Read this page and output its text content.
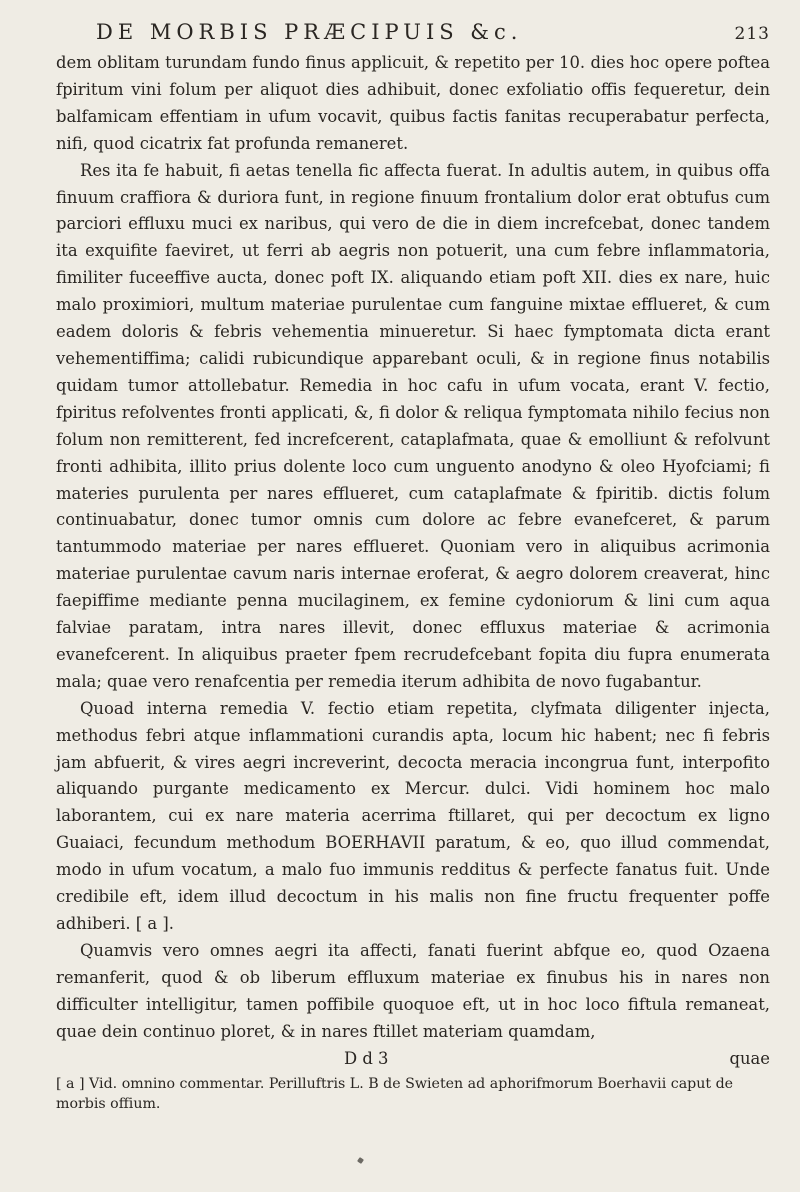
DE MORBIS PRÆCIPUIS &c.	213

dem oblitam turundam fundo finus applicuit, & repetito per 10. dies hoc opere poftea fpiritum vini folum per aliquot dies adhibuit, donec exfoliatio offis fequeretur, dein balfamicam effentiam in ufum vocavit, quibus factis fanitas recuperabatur perfecta, nifi, quod cicatrix fat profunda remaneret.

Res ita fe habuit, fi aetas tenella fic affecta fuerat. In adultis autem, in quibus offa finuum craffiora & duriora funt, in regione finuum frontalium dolor erat obtufus cum parciori effluxu muci ex naribus, qui vero de die in diem increfcebat, donec tandem ita exquifite faeviret, ut ferri ab aegris non potuerit, una cum febre inflammatoria, fimiliter fuceeffive aucta, donec poft IX. aliquando etiam poft XII. dies ex nare, huic malo proximiori, multum materiae purulentae cum fanguine mixtae efflueret, & cum eadem doloris & febris vehementia minueretur. Si haec fymptomata dicta erant vehementiffima; calidi rubicundique apparebant oculi, & in regione finus notabilis quidam tumor attollebatur. Remedia in hoc cafu in ufum vocata, erant V. fectio, fpiritus refolventes fronti applicati, &, fi dolor & reliqua fymptomata nihilo fecius non folum non remitterent, fed increfcerent, cataplafmata, quae & emolliunt & refolvunt fronti adhibita, illito prius dolente loco cum unguento anodyno & oleo Hyofciami; fi materies purulenta per nares efflueret, cum cataplafmate & fpiritib. dictis folum continuabatur, donec tumor omnis cum dolore ac febre evanefceret, & parum tantummodo materiae per nares efflueret. Quoniam vero in aliquibus acrimonia materiae purulentae cavum naris internae eroferat, & aegro dolorem creaverat, hinc faepiffime mediante penna mucilaginem, ex femine cydoniorum & lini cum aqua falviae paratam, intra nares illevit, donec effluxus materiae & acrimonia evanefcerent. In aliquibus praeter fpem recrudefcebant fopita diu fupra enumerata mala; quae vero renafcentia per remedia iterum adhibita de novo fugabantur.

Quoad interna remedia V. fectio etiam repetita, clyfmata diligenter injecta, methodus febri atque inflammationi curandis apta, locum hic habent; nec fi febris jam abfuerit, & vires aegri increverint, decocta meracia incongrua funt, interpofito aliquando purgante medicamento ex Mercur. dulci. Vidi hominem hoc malo laborantem, cui ex nare materia acerrima ftillaret, qui per decoctum ex ligno Guaiaci, fecundum methodum BOERHAVII paratum, & eo, quo illud commendat, modo in ufum vocatum, a malo fuo immunis redditus & perfecte fanatus fuit. Unde credibile eft, idem illud decoctum in his malis non fine fructu frequenter poffe adhiberi. [ a ].

Quamvis vero omnes aegri ita affecti, fanati fuerint abfque eo, quod Ozaena remanferit, quod & ob liberum effluxum materiae ex finubus his in nares non difficulter intelligitur, tamen poffibile quoquoe eft, ut in hoc loco fiftula remaneat, quae dein continuo ploret, & in nares ftillet materiam quamdam,

D d 3	quae
[ a ] Vid. omnino commentar. Perilluftris L. B de Swieten ad aphorifmorum Boerhavii caput de morbis offium.
